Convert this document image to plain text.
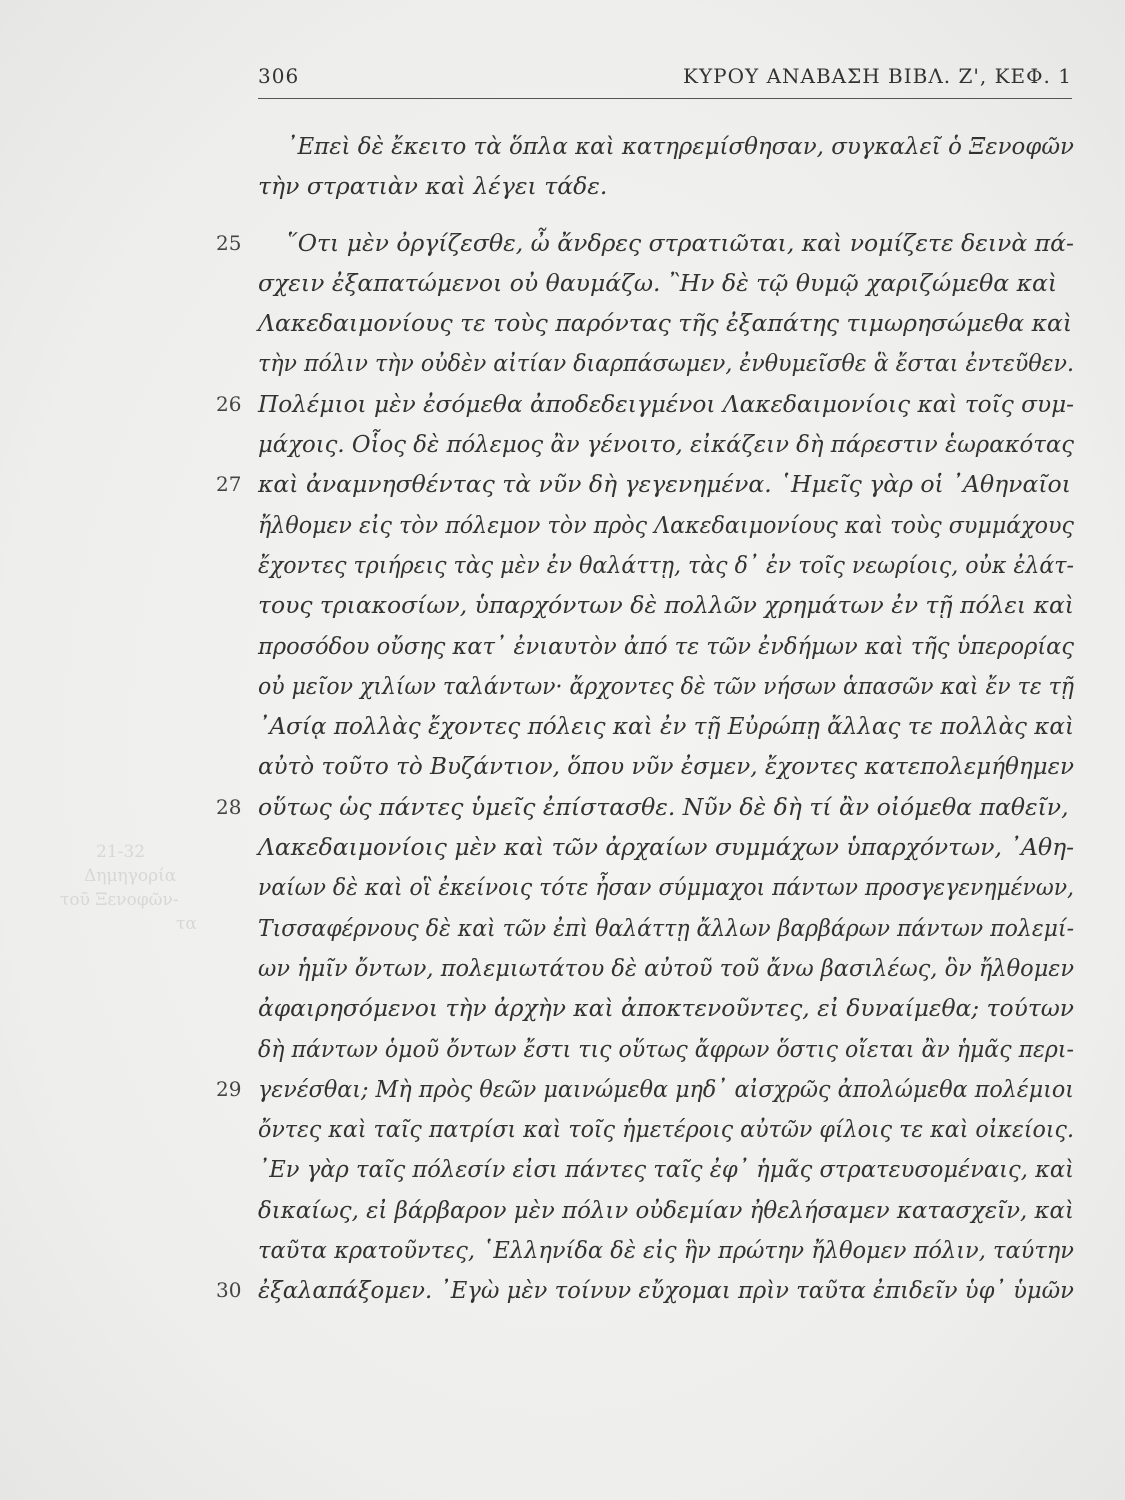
306	ΚΥΡΟΥ ΑΝΑΒΑΣΗ ΒΙΒΛ. Ζ', ΚΕΦ. 1
21-32
Δημηγορία
τοῦ Ξενοφῶν-
τα
᾿Επεὶ δὲ ἔκειτο τὰ ὅπλα καὶ κατηρεμίσθησαν, συγκαλεῖ ὁ Ξενοφῶν
τὴν στρατιὰν καὶ λέγει τάδε.
25 ῞Οτι μὲν ὀργίζεσθε, ὦ ἄνδρες στρατιῶται, καὶ νομίζετε δεινὰ πά-
σχειν ἐξαπατώμενοι οὐ θαυμάζω. ῍Ην δὲ τῷ θυμῷ χαριζώμεθα καὶ
Λακεδαιμονίους τε τοὺς παρόντας τῆς ἐξαπάτης τιμωρησώμεθα καὶ
τὴν πόλιν τὴν οὐδὲν αἰτίαν διαρπάσωμεν, ἐνθυμεῖσθε ἃ ἔσται ἐντεῦθεν.
26 Πολέμιοι μὲν ἐσόμεθα ἀποδεδειγμένοι Λακεδαιμονίοις καὶ τοῖς συμ-
μάχοις. Οἷος δὲ πόλεμος ἂν γένοιτο, εἰκάζειν δὴ πάρεστιν ἑωρακότας
27 καὶ ἀναμνησθέντας τὰ νῦν δὴ γεγενημένα. ῾Ημεῖς γὰρ οἱ ᾿Αθηναῖοι
ἤλθομεν εἰς τὸν πόλεμον τὸν πρὸς Λακεδαιμονίους καὶ τοὺς συμμάχους
ἔχοντες τριήρεις τὰς μὲν ἐν θαλάττῃ, τὰς δ᾿ ἐν τοῖς νεωρίοις, οὐκ ἐλάτ-
τους τριακοσίων, ὑπαρχόντων δὲ πολλῶν χρημάτων ἐν τῇ πόλει καὶ
προσόδου οὔσης κατ᾿ ἐνιαυτὸν ἀπό τε τῶν ἐνδήμων καὶ τῆς ὑπερορίας
οὐ μεῖον χιλίων ταλάντων· ἄρχοντες δὲ τῶν νήσων ἁπασῶν καὶ ἔν τε τῇ
᾿Ασίᾳ πολλὰς ἔχοντες πόλεις καὶ ἐν τῇ Εὐρώπῃ ἄλλας τε πολλὰς καὶ
αὐτὸ τοῦτο τὸ Βυζάντιον, ὅπου νῦν ἐσμεν, ἔχοντες κατεπολεμήθημεν
28 οὕτως ὡς πάντες ὑμεῖς ἐπίστασθε. Νῦν δὲ δὴ τί ἂν οἰόμεθα παθεῖν,
Λακεδαιμονίοις μὲν καὶ τῶν ἀρχαίων συμμάχων ὑπαρχόντων, ᾿Αθη-
ναίων δὲ καὶ οἳ ἐκείνοις τότε ἦσαν σύμμαχοι πάντων προσγεγενημένων,
Τισσαφέρνους δὲ καὶ τῶν ἐπὶ θαλάττῃ ἄλλων βαρβάρων πάντων πολεμί-
ων ἡμῖν ὄντων, πολεμιωτάτου δὲ αὐτοῦ τοῦ ἄνω βασιλέως, ὃν ἤλθομεν
ἀφαιρησόμενοι τὴν ἀρχὴν καὶ ἀποκτενοῦντες, εἰ δυναίμεθα; τούτων
δὴ πάντων ὁμοῦ ὄντων ἔστι τις οὕτως ἄφρων ὅστις οἴεται ἂν ἡμᾶς περι-
29 γενέσθαι; Μὴ πρὸς θεῶν μαινώμεθα μηδ᾿ αἰσχρῶς ἀπολώμεθα πολέμιοι
ὄντες καὶ ταῖς πατρίσι καὶ τοῖς ἡμετέροις αὐτῶν φίλοις τε καὶ οἰκείοις.
᾿Εν γὰρ ταῖς πόλεσίν εἰσι πάντες ταῖς ἐφ᾿ ἡμᾶς στρατευσομέναις, καὶ
δικαίως, εἰ βάρβαρον μὲν πόλιν οὐδεμίαν ἠθελήσαμεν κατασχεῖν, καὶ
ταῦτα κρατοῦντες, ῾Ελληνίδα δὲ εἰς ἣν πρώτην ἤλθομεν πόλιν, ταύτην
30 ἐξαλαπάξομεν. ᾿Εγὼ μὲν τοίνυν εὔχομαι πρὶν ταῦτα ἐπιδεῖν ὑφ᾿ ὑμῶν
